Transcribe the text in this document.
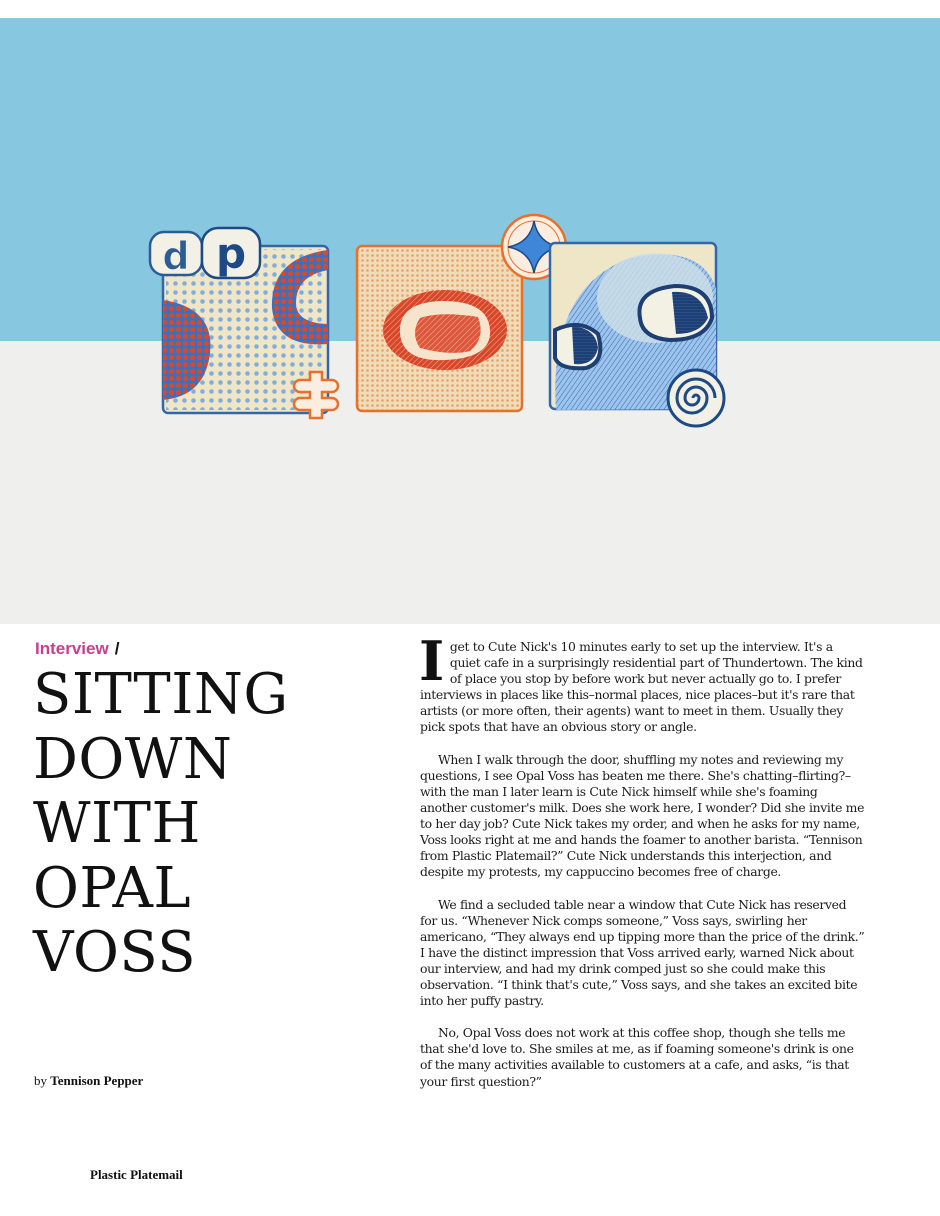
d p
Interview /
SITTING
DOWN
WITH
OPAL
VOSS
by Tennison Pepper

Iget to Cute Nick's 10 minutes early to set up the interview. It's a quiet cafe in a surprisingly residential part of Thundertown. The kind of place you stop by before work but never actually go to. I prefer interviews in places like this–normal places, nice places–but it's rare that artists (or more often, their agents) want to meet in them. Usually they pick spots that have an obvious story or angle.

When I walk through the door, shuffling my notes and reviewing my questions, I see Opal Voss has beaten me there. She's chatting–flirting?–with the man I later learn is Cute Nick himself while she's foaming another customer's milk. Does she work here, I wonder? Did she invite me to her day job? Cute Nick takes my order, and when he asks for my name, Voss looks right at me and hands the foamer to another barista. “Tennison from Plastic Platemail?” Cute Nick understands this interjection, and despite my protests, my cappuccino becomes free of charge.

We find a secluded table near a window that Cute Nick has reserved for us. “Whenever Nick comps someone,” Voss says, swirling her americano, “They always end up tipping more than the price of the drink.” I have the distinct impression that Voss arrived early, warned Nick about our interview, and had my drink comped just so she could make this observation. “I think that's cute,” Voss says, and she takes an excited bite into her puffy pastry.

No, Opal Voss does not work at this coffee shop, though she tells me that she'd love to. She smiles at me, as if foaming someone's drink is one of the many activities available to customers at a cafe, and asks, “is that your first question?”

Plastic Platemail
